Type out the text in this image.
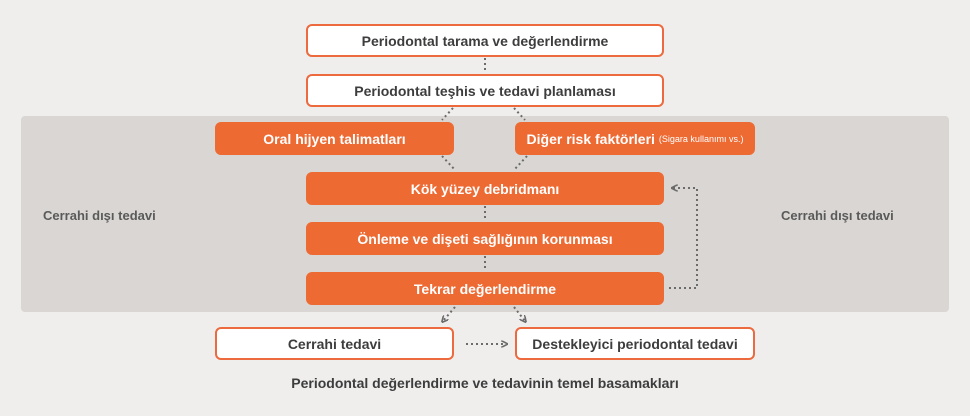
Cerrahi dışı tedavi	Cerrahi dışı tedavi
Periodontal tarama ve değerlendirme
Periodontal teşhis ve tedavi planlaması
Oral hijyen talimatları	Diğer risk faktörleri (Sigara kullanımı vs.)
Kök yüzey debridmanı
Önleme ve dişeti sağlığının korunması
Tekrar değerlendirme
Cerrahi tedavi	Destekleyici periodontal tedavi
Periodontal değerlendirme ve tedavinin temel basamakları
